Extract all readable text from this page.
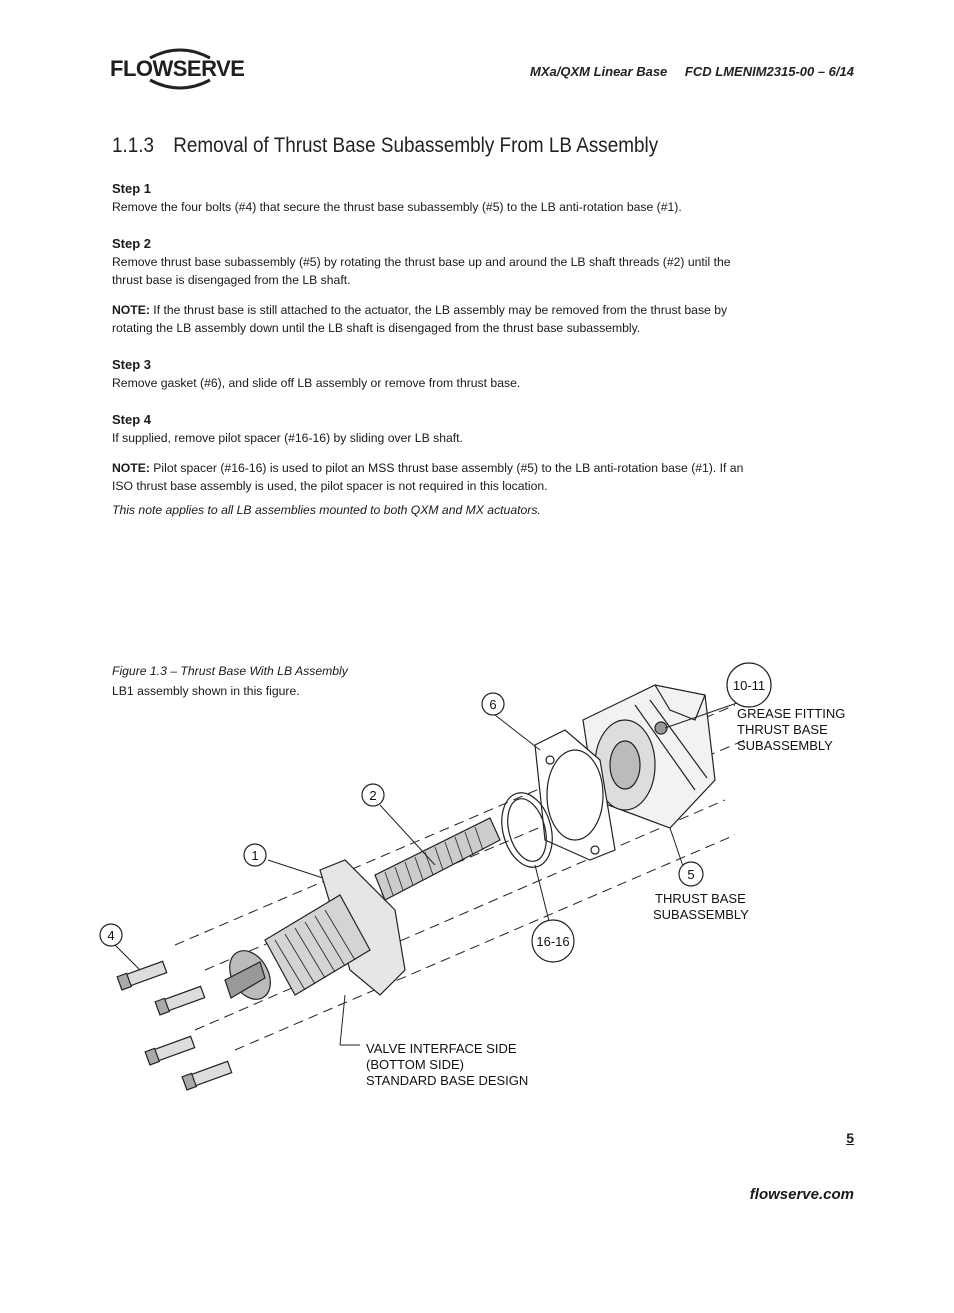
FLOWSERVE	MXa/QXM Linear Base FCD LMENIM2315-00 – 6/14
1.1.3 Removal of Thrust Base Subassembly From LB Assembly

Step 1

Remove the four bolts (#4) that secure the thrust base subassembly (#5) to the LB anti-rotation base (#1).

Step 2

Remove thrust base subassembly (#5) by rotating the thrust base up and around the LB shaft threads (#2) until the thrust base is disengaged from the LB shaft.

NOTE: If the thrust base is still attached to the actuator, the LB assembly may be removed from the thrust base by rotating the LB assembly down until the LB shaft is disengaged from the thrust base subassembly.

Step 3

Remove gasket (#6), and slide off LB assembly or remove from thrust base.

Step 4

If supplied, remove pilot spacer (#16-16) by sliding over LB shaft.

NOTE: Pilot spacer (#16-16) is used to pilot an MSS thrust base assembly (#5) to the LB anti-rotation base (#1). If an ISO thrust base assembly is used, the pilot spacer is not required in this location.

This note applies to all LB assemblies mounted to both QXM and MX actuators.

Figure 1.3 – Thrust Base With LB Assembly
LB1 assembly shown in this figure.
1
2
4
5
6
10-11
16-16
GREASE FITTING
THRUST BASE
SUBASSEMBLY
THRUST BASE
SUBASSEMBLY
VALVE INTERFACE SIDE
(BOTTOM SIDE)
STANDARD BASE DESIGN
5
flowserve.com
